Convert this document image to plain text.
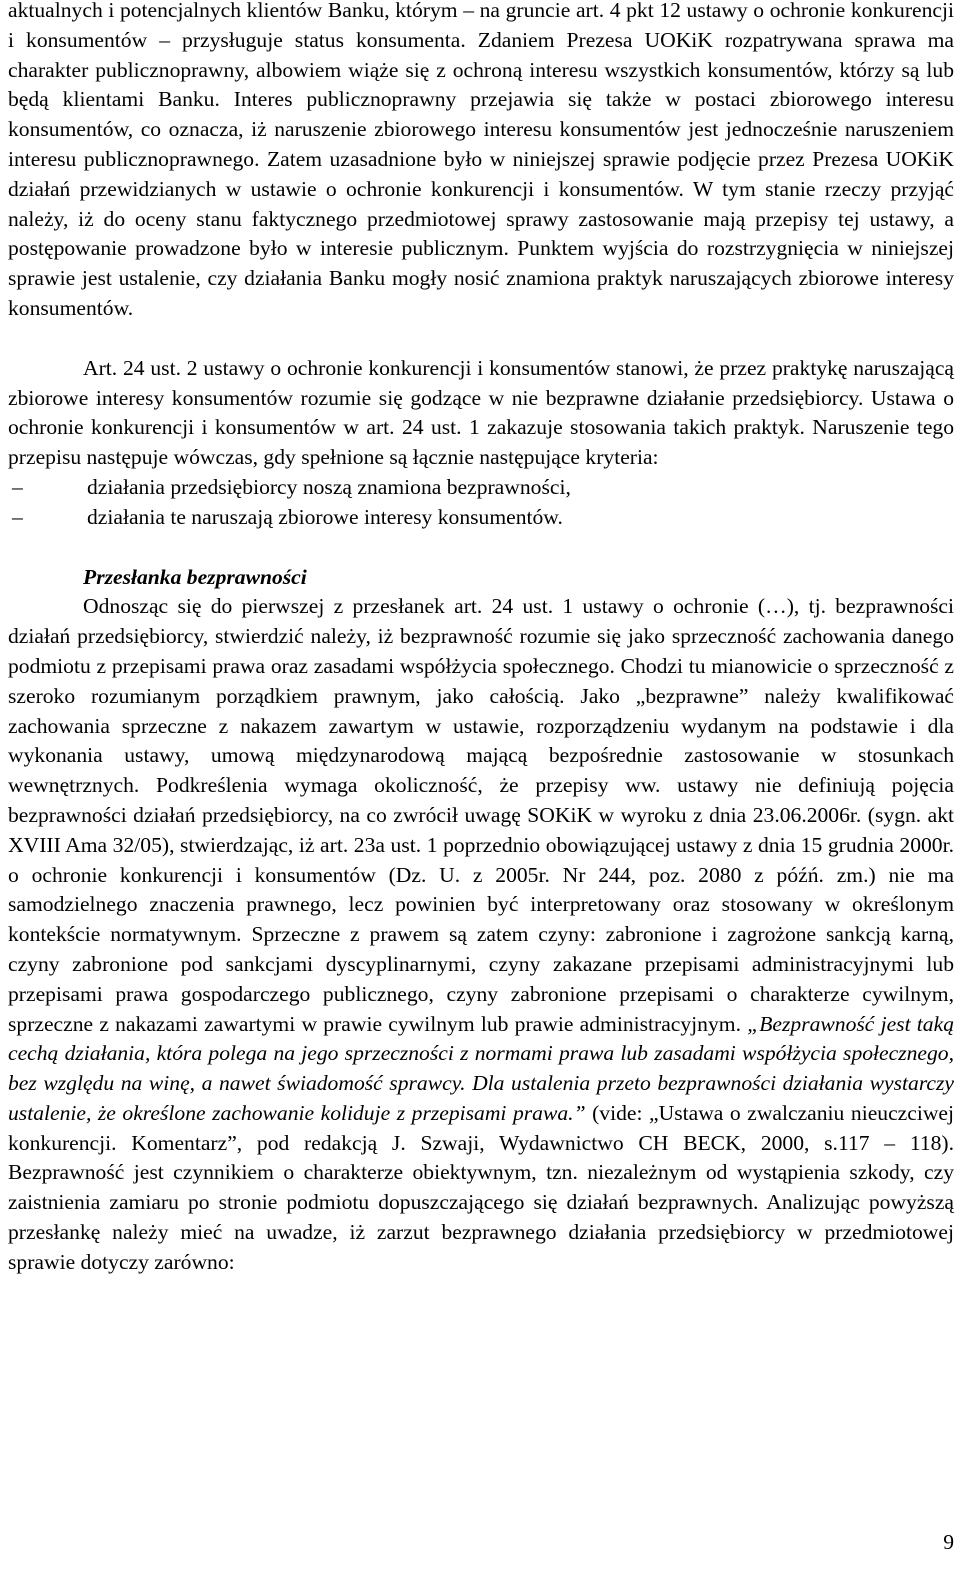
aktualnych i potencjalnych klientów Banku, którym – na gruncie art. 4 pkt 12 ustawy o ochronie konkurencji i konsumentów – przysługuje status konsumenta. Zdaniem Prezesa UOKiK rozpatrywana sprawa ma charakter publicznoprawny, albowiem wiąże się z ochroną interesu wszystkich konsumentów, którzy są lub będą klientami Banku. Interes publicznoprawny przejawia się także w postaci zbiorowego interesu konsumentów, co oznacza, iż naruszenie zbiorowego interesu konsumentów jest jednocześnie naruszeniem interesu publicznoprawnego. Zatem uzasadnione było w niniejszej sprawie podjęcie przez Prezesa UOKiK działań przewidzianych w ustawie o ochronie konkurencji i konsumentów. W tym stanie rzeczy przyjąć należy, iż do oceny stanu faktycznego przedmiotowej sprawy zastosowanie mają przepisy tej ustawy, a postępowanie prowadzone było w interesie publicznym. Punktem wyjścia do rozstrzygnięcia w niniejszej sprawie jest ustalenie, czy działania Banku mogły nosić znamiona praktyk naruszających zbiorowe interesy konsumentów.

Art. 24 ust. 2 ustawy o ochronie konkurencji i konsumentów stanowi, że przez praktykę naruszającą zbiorowe interesy konsumentów rozumie się godzące w nie bezprawne działanie przedsiębiorcy. Ustawa o ochronie konkurencji i konsumentów w art. 24 ust. 1 zakazuje stosowania takich praktyk. Naruszenie tego przepisu następuje wówczas, gdy spełnione są łącznie następujące kryteria:

–	działania przedsiębiorcy noszą znamiona bezprawności,
–	działania te naruszają zbiorowe interesy konsumentów.

Przesłanka bezprawności

Odnosząc się do pierwszej z przesłanek art. 24 ust. 1 ustawy o ochronie (…), tj. bezprawności działań przedsiębiorcy, stwierdzić należy, iż bezprawność rozumie się jako sprzeczność zachowania danego podmiotu z przepisami prawa oraz zasadami współżycia społecznego. Chodzi tu mianowicie o sprzeczność z szeroko rozumianym porządkiem prawnym, jako całością. Jako „bezprawne” należy kwalifikować zachowania sprzeczne z nakazem zawartym w ustawie, rozporządzeniu wydanym na podstawie i dla wykonania ustawy, umową międzynarodową mającą bezpośrednie zastosowanie w stosunkach wewnętrznych. Podkreślenia wymaga okoliczność, że przepisy ww. ustawy nie definiują pojęcia bezprawności działań przedsiębiorcy, na co zwrócił uwagę SOKiK w wyroku z dnia 23.06.2006r. (sygn. akt XVIII Ama 32/05), stwierdzając, iż art. 23a ust. 1 poprzednio obowiązującej ustawy z dnia 15 grudnia 2000r. o ochronie konkurencji i konsumentów (Dz. U. z 2005r. Nr 244, poz. 2080 z późń. zm.) nie ma samodzielnego znaczenia prawnego, lecz powinien być interpretowany oraz stosowany w określonym kontekście normatywnym. Sprzeczne z prawem są zatem czyny: zabronione i zagrożone sankcją karną, czyny zabronione pod sankcjami dyscyplinarnymi, czyny zakazane przepisami administracyjnymi lub przepisami prawa gospodarczego publicznego, czyny zabronione przepisami o charakterze cywilnym, sprzeczne z nakazami zawartymi w prawie cywilnym lub prawie administracyjnym. „Bezprawność jest taką cechą działania, która polega na jego sprzeczności z normami prawa lub zasadami współżycia społecznego, bez względu na winę, a nawet świadomość sprawcy. Dla ustalenia przeto bezprawności działania wystarczy ustalenie, że określone zachowanie koliduje z przepisami prawa.” (vide: „Ustawa o zwalczaniu nieuczciwej konkurencji. Komentarz”, pod redakcją J. Szwaji, Wydawnictwo CH BECK, 2000, s.117 – 118). Bezprawność jest czynnikiem o charakterze obiektywnym, tzn. niezależnym od wystąpienia szkody, czy zaistnienia zamiaru po stronie podmiotu dopuszczającego się działań bezprawnych. Analizując powyższą przesłankę należy mieć na uwadze, iż zarzut bezprawnego działania przedsiębiorcy w przedmiotowej sprawie dotyczy zarówno:

9
